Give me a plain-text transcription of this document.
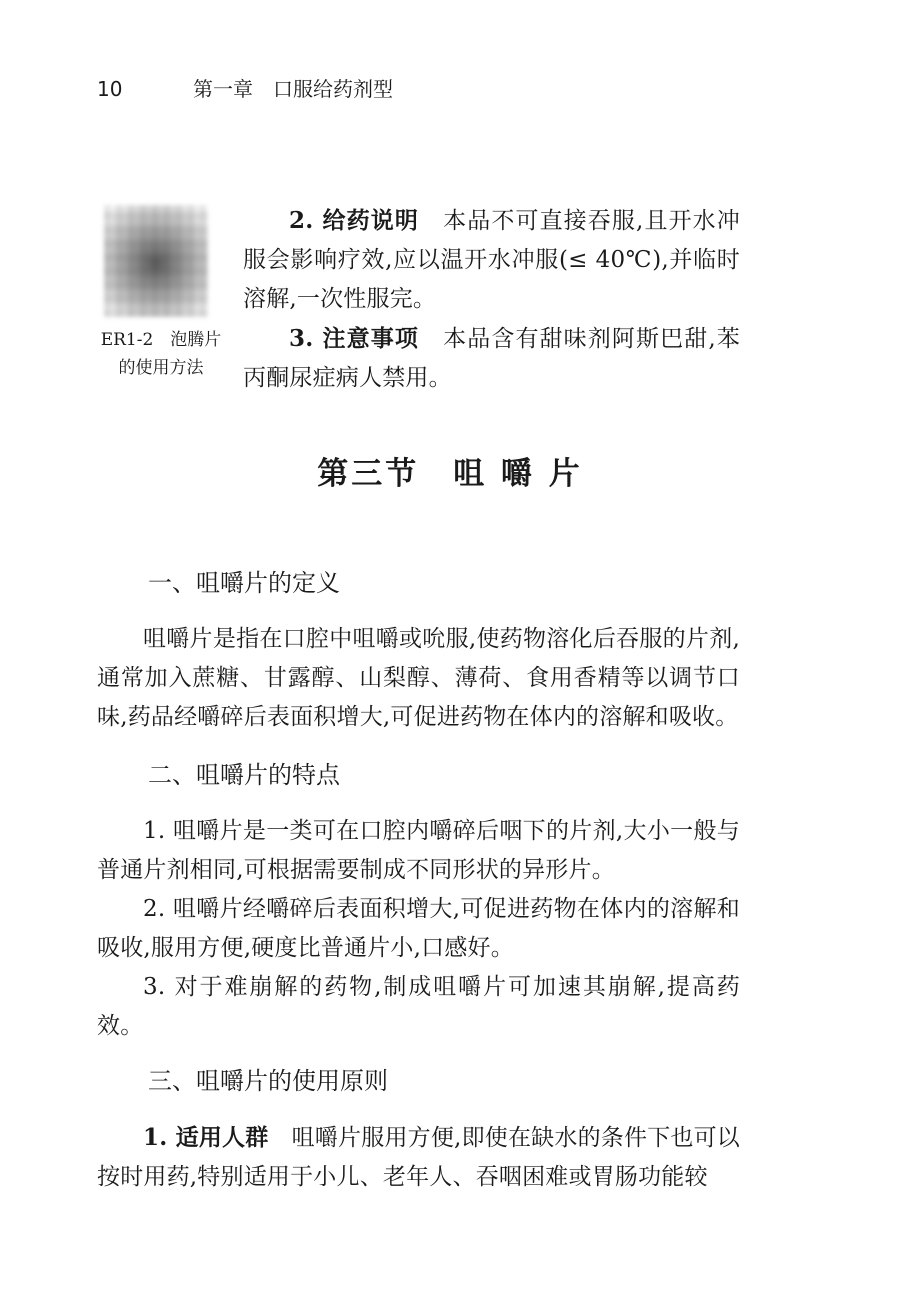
10	第一章　口服给药剂型
ER1-2　泡腾片
的使用方法

2. 给药说明　本品不可直接吞服,且开水冲服会影响疗效,应以温开水冲服(≤ 40℃),并临时溶解,一次性服完。

3. 注意事项　本品含有甜味剂阿斯巴甜,苯丙酮尿症病人禁用。

第三节　咀 嚼 片
一、咀嚼片的定义

咀嚼片是指在口腔中咀嚼或吮服,使药物溶化后吞服的片剂,通常加入蔗糖、甘露醇、山梨醇、薄荷、食用香精等以调节口味,药品经嚼碎后表面积增大,可促进药物在体内的溶解和吸收。

二、咀嚼片的特点

1. 咀嚼片是一类可在口腔内嚼碎后咽下的片剂,大小一般与普通片剂相同,可根据需要制成不同形状的异形片。

2. 咀嚼片经嚼碎后表面积增大,可促进药物在体内的溶解和吸收,服用方便,硬度比普通片小,口感好。

3. 对于难崩解的药物,制成咀嚼片可加速其崩解,提高药效。

三、咀嚼片的使用原则

1. 适用人群　咀嚼片服用方便,即使在缺水的条件下也可以按时用药,特别适用于小儿、老年人、吞咽困难或胃肠功能较
